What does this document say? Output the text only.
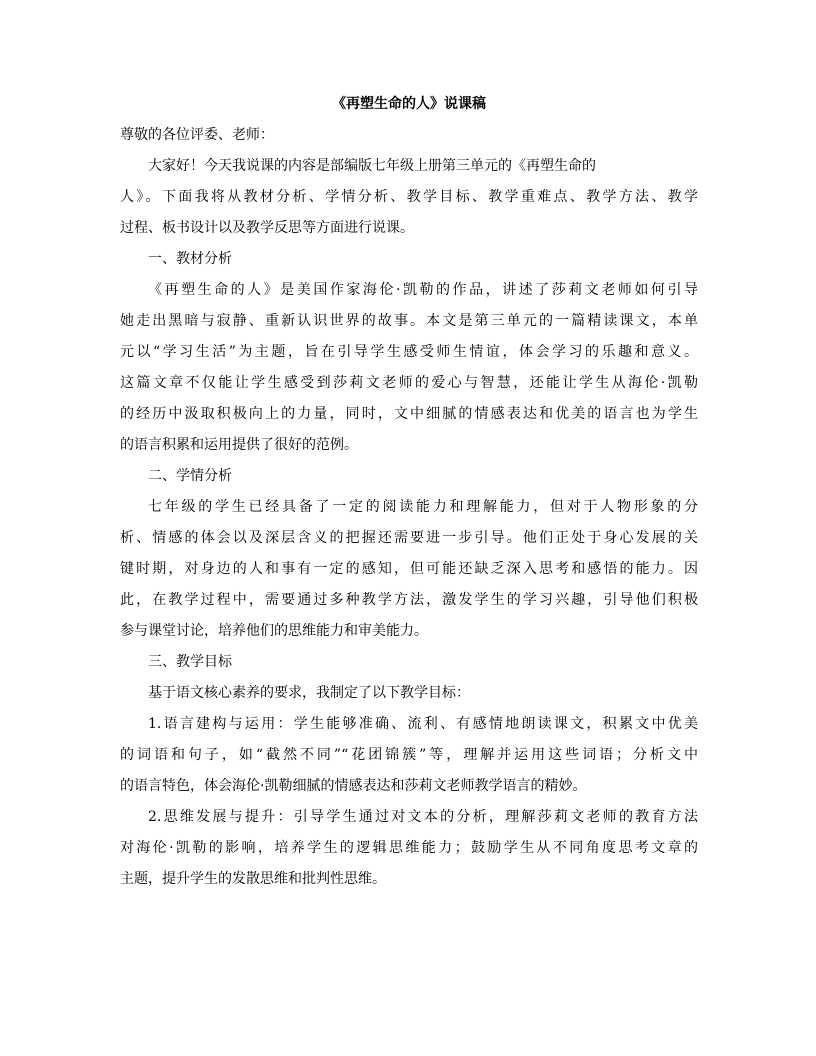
《再塑生命的人》说课稿
尊敬的各位评委、老师：
大家好！今天我说课的内容是部编版七年级上册第三单元的《再塑生命的
人》。下面我将从教材分析、学情分析、教学目标、教学重难点、教学方法、教学
过程、板书设计以及教学反思等方面进行说课。
一、教材分析
《再塑生命的人》是美国作家海伦·凯勒的作品，讲述了莎莉文老师如何引导
她走出黑暗与寂静、重新认识世界的故事。本文是第三单元的一篇精读课文，本单
元以“学习生活”为主题，旨在引导学生感受师生情谊，体会学习的乐趣和意义。
这篇文章不仅能让学生感受到莎莉文老师的爱心与智慧，还能让学生从海伦·凯勒
的经历中汲取积极向上的力量，同时，文中细腻的情感表达和优美的语言也为学生
的语言积累和运用提供了很好的范例。
二、学情分析
七年级的学生已经具备了一定的阅读能力和理解能力，但对于人物形象的分
析、情感的体会以及深层含义的把握还需要进一步引导。他们正处于身心发展的关
键时期，对身边的人和事有一定的感知，但可能还缺乏深入思考和感悟的能力。因
此，在教学过程中，需要通过多种教学方法，激发学生的学习兴趣，引导他们积极
参与课堂讨论，培养他们的思维能力和审美能力。
三、教学目标
基于语文核心素养的要求，我制定了以下教学目标：
1.语言建构与运用：学生能够准确、流利、有感情地朗读课文，积累文中优美
的词语和句子，如“截然不同”“花团锦簇”等，理解并运用这些词语；分析文中
的语言特色，体会海伦·凯勒细腻的情感表达和莎莉文老师教学语言的精妙。
2.思维发展与提升：引导学生通过对文本的分析，理解莎莉文老师的教育方法
对海伦·凯勒的影响，培养学生的逻辑思维能力；鼓励学生从不同角度思考文章的
主题，提升学生的发散思维和批判性思维。
